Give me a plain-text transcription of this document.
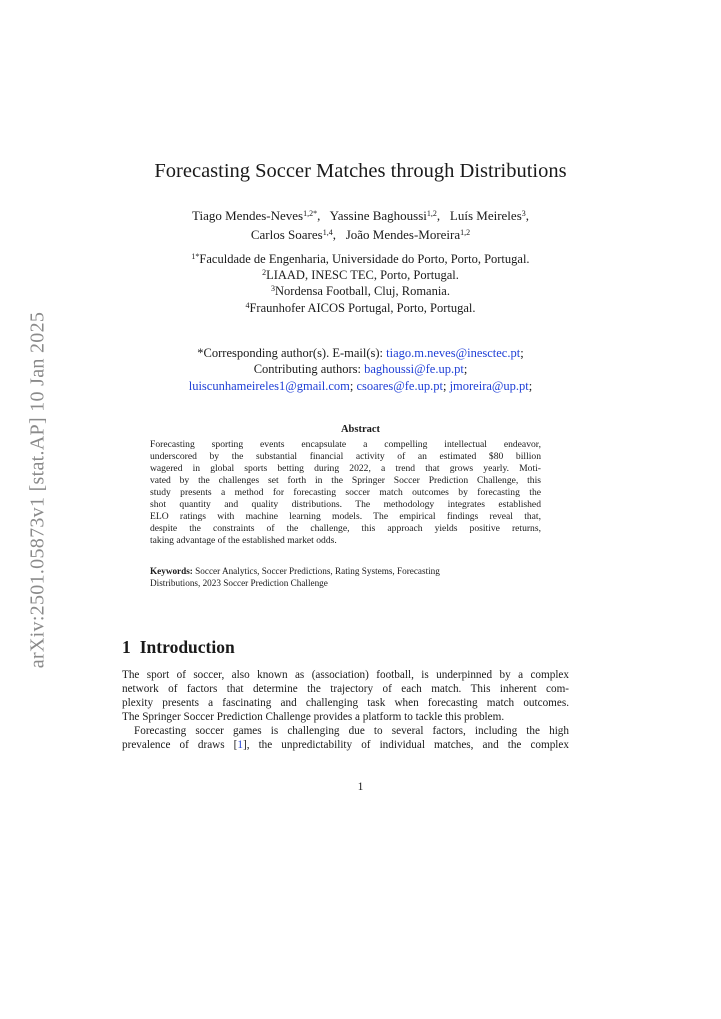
arXiv:2501.05873v1 [stat.AP] 10 Jan 2025
Forecasting Soccer Matches through Distributions
Tiago Mendes-Neves$^{1,2*}$,   Yassine Baghoussi$^{1,2}$,   Luís Meireles$^3$,
Carlos Soares$^{1,4}$,   João Mendes-Moreira$^{1,2}$
$^{1*}$Faculdade de Engenharia, Universidade do Porto, Porto, Portugal.
$^2$LIAAD, INESC TEC, Porto, Portugal.
$^3$Nordensa Football, Cluj, Romania.
$^4$Fraunhofer AICOS Portugal, Porto, Portugal.
*Corresponding author(s). E-mail(s): tiago.m.neves@inesctec.pt;
Contributing authors: baghoussi@fe.up.pt;
luiscunhameireles1@gmail.com; csoares@fe.up.pt; jmoreira@up.pt;
Abstract
Forecasting sporting events encapsulate a compelling intellectual endeavor,
underscored by the substantial financial activity of an estimated $80 billion
wagered in global sports betting during 2022, a trend that grows yearly. Moti-
vated by the challenges set forth in the Springer Soccer Prediction Challenge, this
study presents a method for forecasting soccer match outcomes by forecasting the
shot quantity and quality distributions. The methodology integrates established
ELO ratings with machine learning models. The empirical findings reveal that,
despite the constraints of the challenge, this approach yields positive returns,
taking advantage of the established market odds.
Keywords: Soccer Analytics, Soccer Predictions, Rating Systems, Forecasting
Distributions, 2023 Soccer Prediction Challenge
1 Introduction
The sport of soccer, also known as (association) football, is underpinned by a complex
network of factors that determine the trajectory of each match. This inherent com-
plexity presents a fascinating and challenging task when forecasting match outcomes.
The Springer Soccer Prediction Challenge provides a platform to tackle this problem.
Forecasting soccer games is challenging due to several factors, including the high
prevalence of draws [1], the unpredictability of individual matches, and the complex
1
